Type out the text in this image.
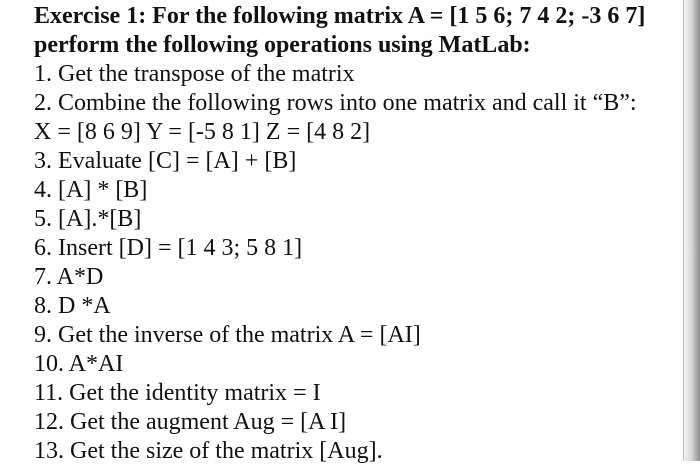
Exercise 1: For the following matrix A = [1 5 6; 7 4 2; -3 6 7]
perform the following operations using MatLab:
1. Get the transpose of the matrix
2. Combine the following rows into one matrix and call it “B”:
X = [8 6 9] Y = [-5 8 1] Z = [4 8 2]
3. Evaluate [C] = [A] + [B]
4. [A] * [B]
5. [A].*[B]
6. Insert [D] = [1 4 3; 5 8 1]
7. A*D
8. D *A
9. Get the inverse of the matrix A = [AI]
10. A*AI
11. Get the identity matrix = I
12. Get the augment Aug = [A I]
13. Get the size of the matrix [Aug].
